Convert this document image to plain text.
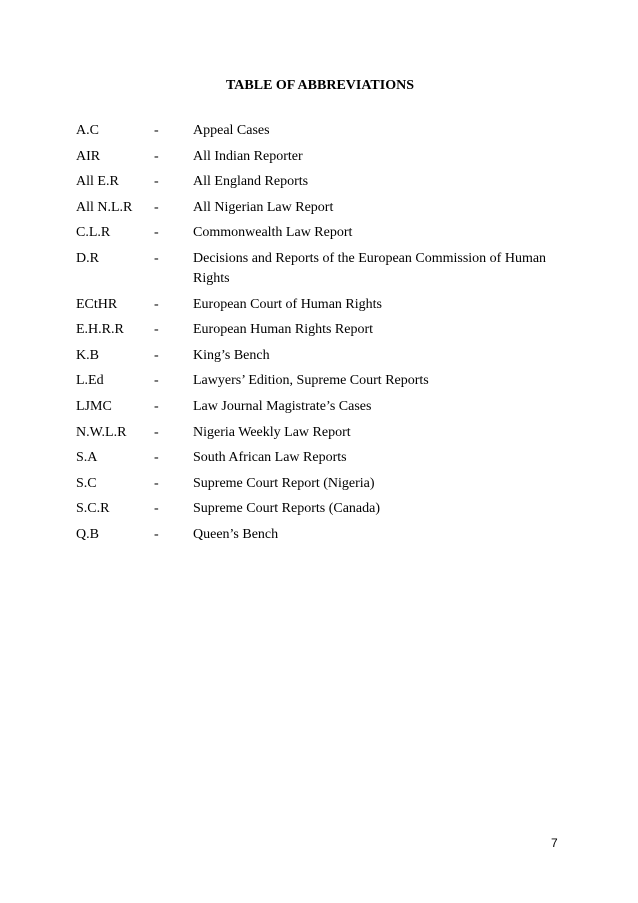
TABLE OF ABBREVIATIONS
A.C	-	Appeal Cases
AIR	-	All Indian Reporter
All E.R	-	All England Reports
All N.L.R	-	All Nigerian Law Report
C.L.R	-	Commonwealth Law Report
D.R	-	Decisions and Reports of the European Commission of Human Rights
ECtHR	-	European Court of Human Rights
E.H.R.R	-	European Human Rights Report
K.B	-	King’s Bench
L.Ed	-	Lawyers’ Edition, Supreme Court Reports
LJMC	-	Law Journal Magistrate’s Cases
N.W.L.R	-	Nigeria Weekly Law Report
S.A	-	South African Law Reports
S.C	-	Supreme Court Report (Nigeria)
S.C.R	-	Supreme Court Reports (Canada)
Q.B	-	Queen’s Bench
7
